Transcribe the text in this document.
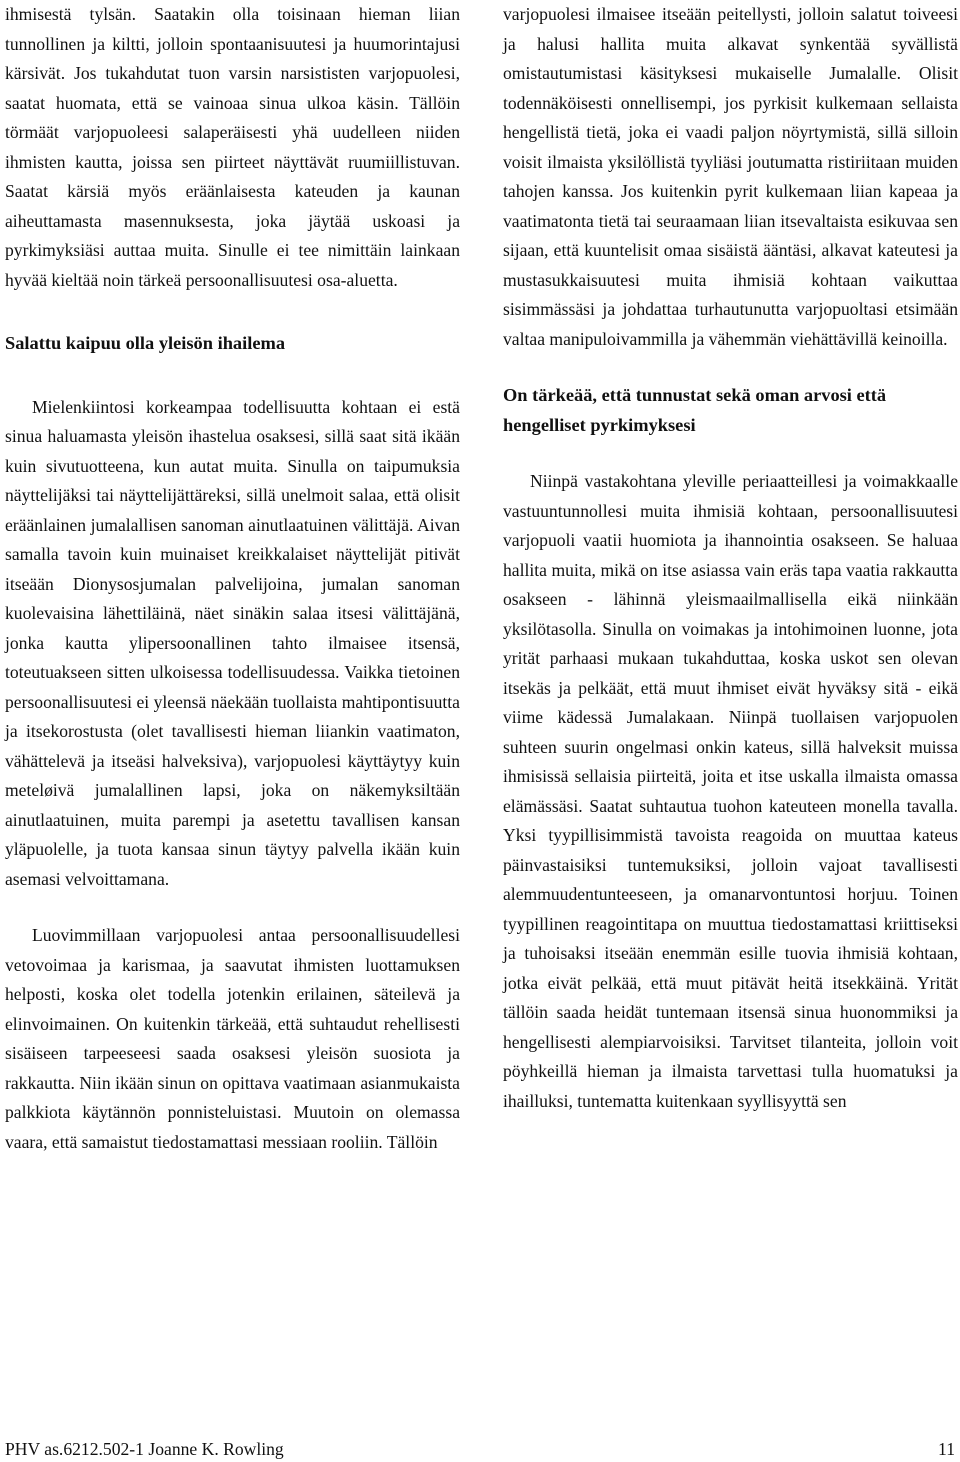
ihmisestä tylsän. Saatakin olla toisinaan hieman liian tunnollinen ja kiltti, jolloin spontaanisuutesi ja huumorintajusi kärsivät. Jos tukahdutat tuon varsin narsististen varjopuolesi, saatat huomata, että se vainoaa sinua ulkoa käsin. Tällöin törmäät varjopuoleesi salaperäisesti yhä uudelleen niiden ihmisten kautta, joissa sen piirteet näyttävät ruumiillistuvan. Saatat kärsiä myös eräänlaisesta kateuden ja kaunan aiheuttamasta masennuksesta, joka jäytää uskoasi ja pyrkimyksiäsi auttaa muita. Sinulle ei tee nimittäin lainkaan hyvää kieltää noin tärkeä persoonallisuutesi osa-aluetta.

Salattu kaipuu olla yleisön ihailema

Mielenkiintosi korkeampaa todellisuutta kohtaan ei estä sinua haluamasta yleisön ihastelua osaksesi, sillä saat sitä ikään kuin sivutuotteena, kun autat muita. Sinulla on taipumuksia näyttelijäksi tai näyttelijättäreksi, sillä unelmoit salaa, että olisit eräänlainen jumalallisen sanoman ainutlaatuinen välittäjä. Aivan samalla tavoin kuin muinaiset kreikkalaiset näyttelijät pitivät itseään Dionysosjumalan palvelijoina, jumalan sanoman kuolevaisina lähettiläinä, näet sinäkin salaa itsesi välittäjänä, jonka kautta ylipersoonallinen tahto ilmaisee itsensä, toteutuakseen sitten ulkoisessa todellisuudessa. Vaikka tietoinen persoonallisuutesi ei yleensä näekään tuollaista mahtipontisuutta ja itsekorostusta (olet tavallisesti hieman liiankin vaatimaton, vähättelevä ja itseäsi halveksiva), varjopuolesi käyttäytyy kuin meteløivä jumalallinen lapsi, joka on näkemyksiltään ainutlaatuinen, muita parempi ja asetettu tavallisen kansan yläpuolelle, ja tuota kansaa sinun täytyy palvella ikään kuin asemasi velvoittamana.

Luovimmillaan varjopuolesi antaa persoonallisuudellesi vetovoimaa ja karismaa, ja saavutat ihmisten luottamuksen helposti, koska olet todella jotenkin erilainen, säteilevä ja elinvoimainen. On kuitenkin tärkeää, että suhtaudut rehellisesti sisäiseen tarpeeseesi saada osaksesi yleisön suosiota ja rakkautta. Niin ikään sinun on opittava vaatimaan asianmukaista palkkiota käytännön ponnisteluistasi. Muutoin on olemassa vaara, että samaistut tiedostamattasi messiaan rooliin. Tällöin

varjopuolesi ilmaisee itseään peitellysti, jolloin salatut toiveesi ja halusi hallita muita alkavat synkentää syvällistä omistautumistasi käsityksesi mukaiselle Jumalalle. Olisit todennäköisesti onnellisempi, jos pyrkisit kulkemaan sellaista hengellistä tietä, joka ei vaadi paljon nöyrtymistä, sillä silloin voisit ilmaista yksilöllistä tyyliäsi joutumatta ristiriitaan muiden tahojen kanssa. Jos kuitenkin pyrit kulkemaan liian kapeaa ja vaatimatonta tietä tai seuraamaan liian itsevaltaista esikuvaa sen sijaan, että kuuntelisit omaa sisäistä ääntäsi, alkavat kateutesi ja mustasukkaisuutesi muita ihmisiä kohtaan vaikuttaa sisimmässäsi ja johdattaa turhautunutta varjopuoltasi etsimään valtaa manipuloivammilla ja vähemmän viehättävillä keinoilla.

On tärkeää, että tunnustat sekä oman arvosi että hengelliset pyrkimyksesi

Niinpä vastakohtana yleville periaatteillesi ja voimakkaalle vastuuntunnollesi muita ihmisiä kohtaan, persoonallisuutesi varjopuoli vaatii huomiota ja ihannointia osakseen. Se haluaa hallita muita, mikä on itse asiassa vain eräs tapa vaatia rakkautta osakseen - lähinnä yleismaailmallisella eikä niinkään yksilötasolla. Sinulla on voimakas ja intohimoinen luonne, jota yrität parhaasi mukaan tukahduttaa, koska uskot sen olevan itsekäs ja pelkäät, että muut ihmiset eivät hyväksy sitä - eikä viime kädessä Jumalakaan. Niinpä tuollaisen varjopuolen suhteen suurin ongelmasi onkin kateus, sillä halveksit muissa ihmisissä sellaisia piirteitä, joita et itse uskalla ilmaista omassa elämässäsi. Saatat suhtautua tuohon kateuteen monella tavalla. Yksi tyypillisimmistä tavoista reagoida on muuttaa kateus päinvastaisiksi tuntemuksiksi, jolloin vajoat tavallisesti alemmuudentunteeseen, ja omanarvontuntosi horjuu. Toinen tyypillinen reagointitapa on muuttua tiedostamattasi kriittiseksi ja tuhoisaksi itseään enemmän esille tuovia ihmisiä kohtaan, jotka eivät pelkää, että muut pitävät heitä itsekkäinä. Yrität tällöin saada heidät tuntemaan itsensä sinua huonommiksi ja hengellisesti alempiarvoisiksi. Tarvitset tilanteita, jolloin voit pöyhkeillä hieman ja ilmaista tarvettasi tulla huomatuksi ja ihailluksi, tuntematta kuitenkaan syyllisyyttä sen

PHV as.6212.502-1 Joanne K. Rowling	11
